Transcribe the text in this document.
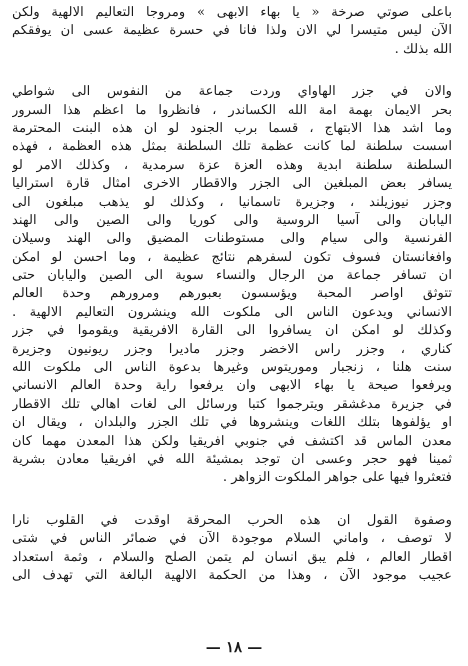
باعلى صوتي صرخة « يا بهاء الابهى » ومروجا التعاليم الالهية ولكن
الآن ليس متيسرا لي الان ولذا فانا في حسرة عظيمة عسى ان يوفقكم
الله بذلك .
والان في جزر الهاواي وردت جماعة من النفوس الى شواطي
بحر الايمان بهمة امة الله الكساندر ، فانظروا ما اعظم هذا السرور
وما اشد هذا الابتهاج ، قسما برب الجنود لو ان هذه البنت المحترمة
اسست سلطنة لما كانت عظمة تلك السلطنة بمثل هذه العظمة ، فهذه
السلطنة سلطنة ابدية وهذه العزة عزة سرمدية ، وكذلك الامر لو
يسافر بعض المبلغين الى الجزر والاقطار الاخرى امثال قارة استراليا
وجزر نيوزيلند ، وجزيرة تاسمانيا ، وكذلك لو يذهب مبلغون الى
اليابان والى آسيا الروسية والى كوريا والى الصين والى الهند
الفرنسية والى سيام والى مستوطنات المضيق والى الهند وسيلان
وافغانستان فسوف تكون لسفرهم نتائج عظيمة ، وما احسن لو امكن
ان تسافر جماعة من الرجال والنساء سوية الى الصين واليابان حتى
تتوثق اواصر المحبة ويؤسسون بعبورهم ومرورهم وحدة العالم
الانساني ويدعون الناس الى ملكوت الله وينشرون التعاليم الالهية .
وكذلك لو امكن ان يسافروا الى القارة الافريقية ويقوموا في جزر
كناري ، وجزر راس الاخضر وجزر ماديرا وجزر ريونيون وجزيرة
سنت هلنا ، زنجبار وموريتوس وغيرها بدعوة الناس الى ملكوت الله
ويرفعوا صيحة يا بهاء الابهى وان يرفعوا راية وحدة العالم الانساني
في جزيرة مدغشقر ويترجموا كتبا ورسائل الى لغات اهالي تلك الاقطار
او يؤلفوها بتلك اللغات وينشروها في تلك الجزر والبلدان ، ويقال ان
معدن الماس قد اكتشف في جنوبي افريقيا ولكن هذا المعدن مهما كان
ثمينا فهو حجر وعسى ان توجد بمشيئة الله في افريقيا معادن بشرية
فتعثروا فيها على جواهر الملكوت الزواهر .
وصفوة القول ان هذه الحرب المحرقة اوقدت في القلوب نارا
لا توصف ، واماني السلام موجودة الآن في ضمائر الناس في شتى
اقطار العالم ، فلم يبق انسان لم يتمن الصلح والسلام ، وثمة استعداد
عجيب موجود الآن ، وهذا من الحكمة الالهية البالغة التي تهدف الى
— ١٨ —
